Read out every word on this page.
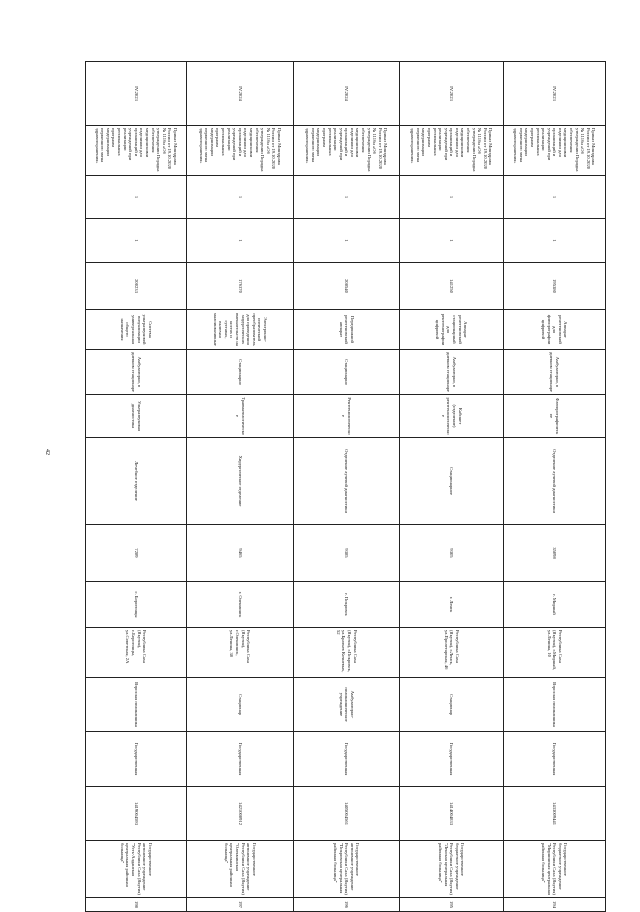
42
IV.2023	Приказ Минздрава России от 19.10.2020 № 1116н «Об утверждении Порядка обеспечения медицинскими изделиями для организаций и учреждений при реализации региональных программ модернизации первичного звена здравоохранения»	1	1	195380	Аппарат рентгеновский для флюорографии цифровой	Амбулаторно, в дневном стационаре	Флюорографическое	Отделение лучевой диагностики	35098	г. Мирный	Республика Саха (Якутия), г.Мирный, ул.Ленина, 10	Взрослая поликлиника	Государственная	1433009441	Государственное бюджетное учреждение Республики Саха (Якутия) "Мирнинская центральная районная больница"	194
IV.2023	Приказ Минздрава России от 19.10.2020 № 1116н «Об утверждении Порядка обеспечения медицинскими изделиями для организаций и учреждений при реализации региональных программ модернизации первичного звена здравоохранения»	1	1	141250	Аппарат рентгеновский стационарный для рентгенографии цифровой	Амбулаторно, в дневном стационаре	Кабинет (отделение) рентгенологическое	Стационарное	9305	г. Ленск	Республика Саха (Якутия), г.Ленск, ул.Пролетарская, 46	Стационар	Государственная	1414004833	Государственное бюджетное учреждение Республики Саха (Якутия) "Ленская центральная районная больница"	195
IV.2024	Приказ Минздрава России от 19.10.2020 № 1116н «Об утверждении Порядка обеспечения медицинскими изделиями для организаций и учреждений при реализации региональных программ модернизации первичного звена здравоохранения»	1	1	208540	Передвижной рентгеновский аппарат	Стационарно	Рентгенологическое	Отделение лучевой диагностики	9385	г. Покровск	Республика Саха (Якутия), г.Покровск, ул.Братьев Кочневых, 52	Амбулаторно-поликлиническое учреждение	Государственная	1405004561	Государственное автономное учреждение Республики Саха (Якутия) "Покровская центральная районная больница"	196
IV.2024	Приказ Минздрава России от 19.10.2020 № 1116н «Об утверждении Порядка обеспечения медицинскими изделиями для организаций и учреждений при реализации региональных программ модернизации первичного звена здравоохранения»	1	1	176370	Электронно-оптический преобразователь для проведения хирургических вмешательств на костях и суставах, включая малоинвазивные	Стационарно	Травматологическое	Хирургическое отделение	9465	г. Олекминск	Республика Саха (Якутия), г.Олекминск, ул.Ленина, 38	Стационар	Государственная	1421008912	Государственное автономное учреждение Республики Саха (Якутия) "Олекминская центральная районная больница"	197
IV.2023	Приказ Минздрава России от 19.10.2020 № 1116н «Об утверждении Порядка обеспечения медицинскими изделиями для организаций и учреждений при реализации региональных программ модернизации первичного звена здравоохранения»	1	1	200233	Система ультразвуковой визуализации универсальная общего назначения	Амбулаторно, в дневном стационаре	Ультразвуковая диагностика	Лечебное отделение	7289	с. Борогонцы	Республика Саха (Якутия), с.Борогонцы, ул.Советская, 2А	Взрослая поликлиника	Государственная	1419004593	Государственное автономное учреждение Республики Саха (Якутия) "Усть-Алданская центральная районная больница"	198
